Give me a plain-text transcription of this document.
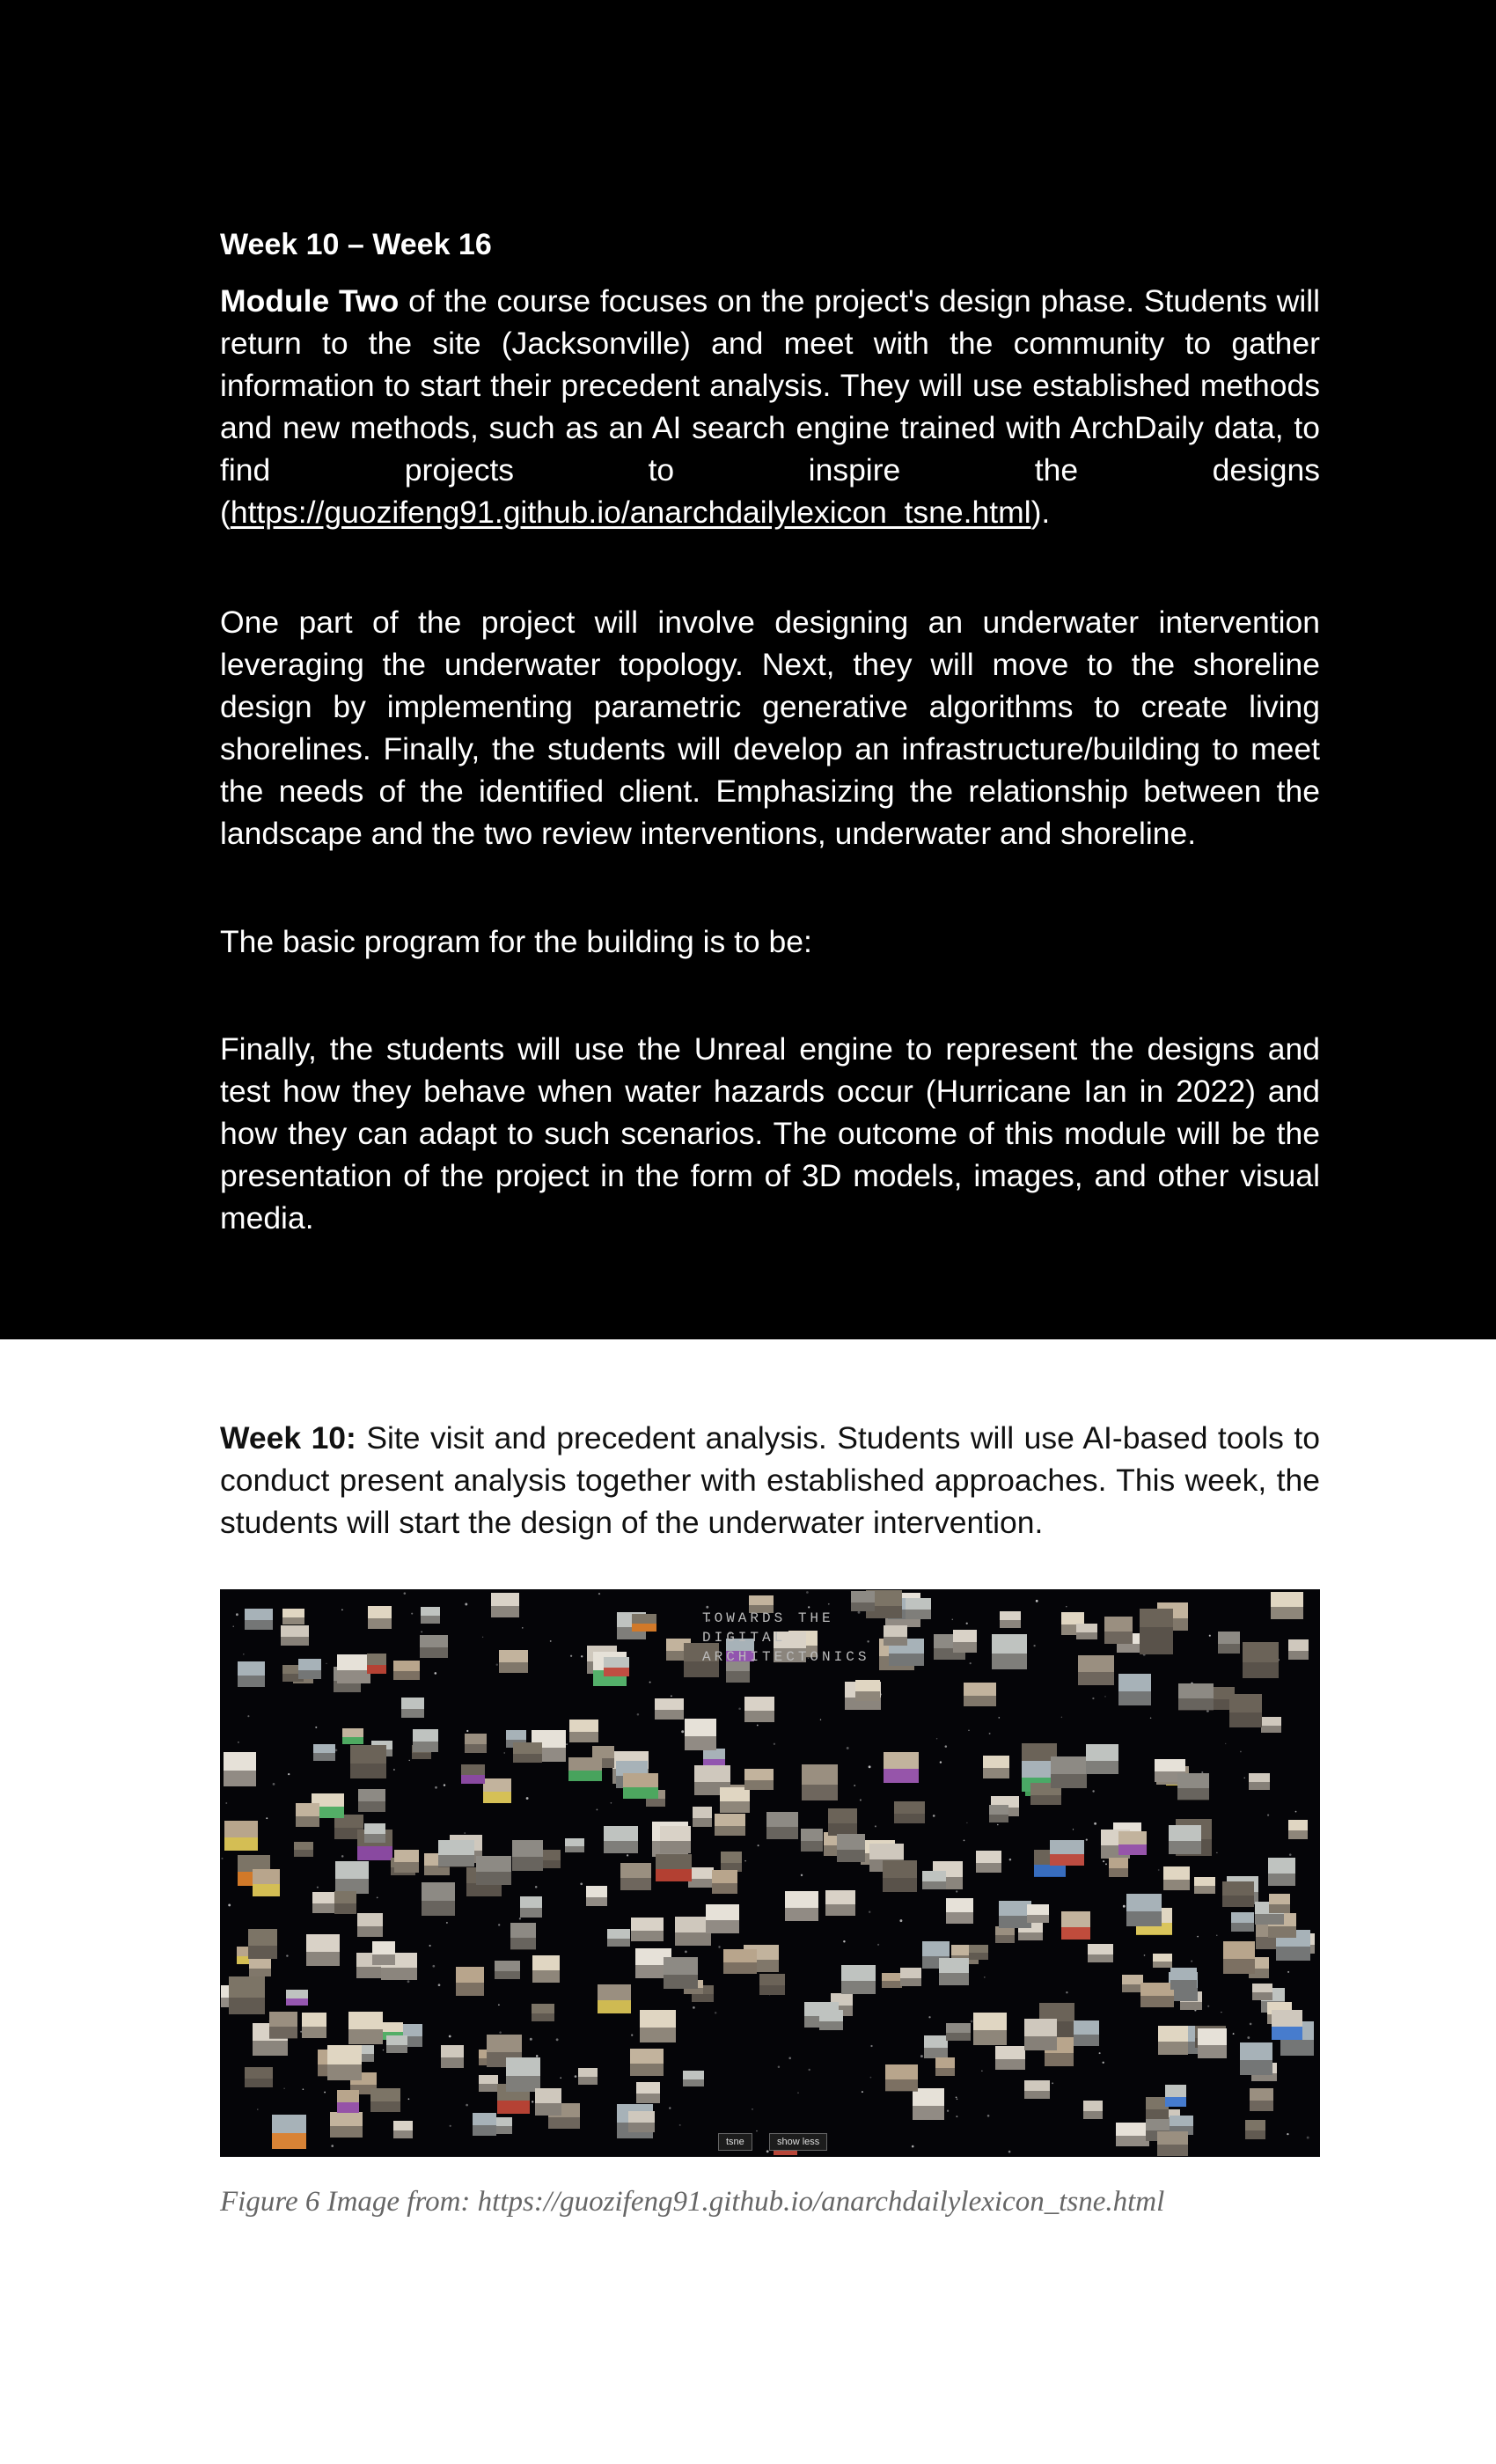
Week 10 – Week 16

Module Two of the course focuses on the project's design phase. Students will return to the site (Jacksonville) and meet with the community to gather information to start their precedent analysis. They will use established methods and new methods, such as an AI search engine trained with ArchDaily data, to find projects to inspire the designs (https://guozifeng91.github.io/anarchdailylexicon_tsne.html).

One part of the project will involve designing an underwater intervention leveraging the underwater topology. Next, they will move to the shoreline design by implementing parametric generative algorithms to create living shorelines. Finally, the students will develop an infrastructure/building to meet the needs of the identified client. Emphasizing the relationship between the landscape and the two review interventions, underwater and shoreline.

The basic program for the building is to be:

Finally, the students will use the Unreal engine to represent the designs and test how they behave when water hazards occur (Hurricane Ian in 2022) and how they can adapt to such scenarios. The outcome of this module will be the presentation of the project in the form of 3D models, images, and other visual media.

Week 10: Site visit and precedent analysis. Students will use AI-based tools to conduct present analysis together with established approaches. This week, the students will start the design of the underwater intervention.

TOWARDS THE
DIGITAL
ARCHITECTONICS
tsne	show less
Figure 6 Image from: https://guozifeng91.github.io/anarchdailylexicon_tsne.html
